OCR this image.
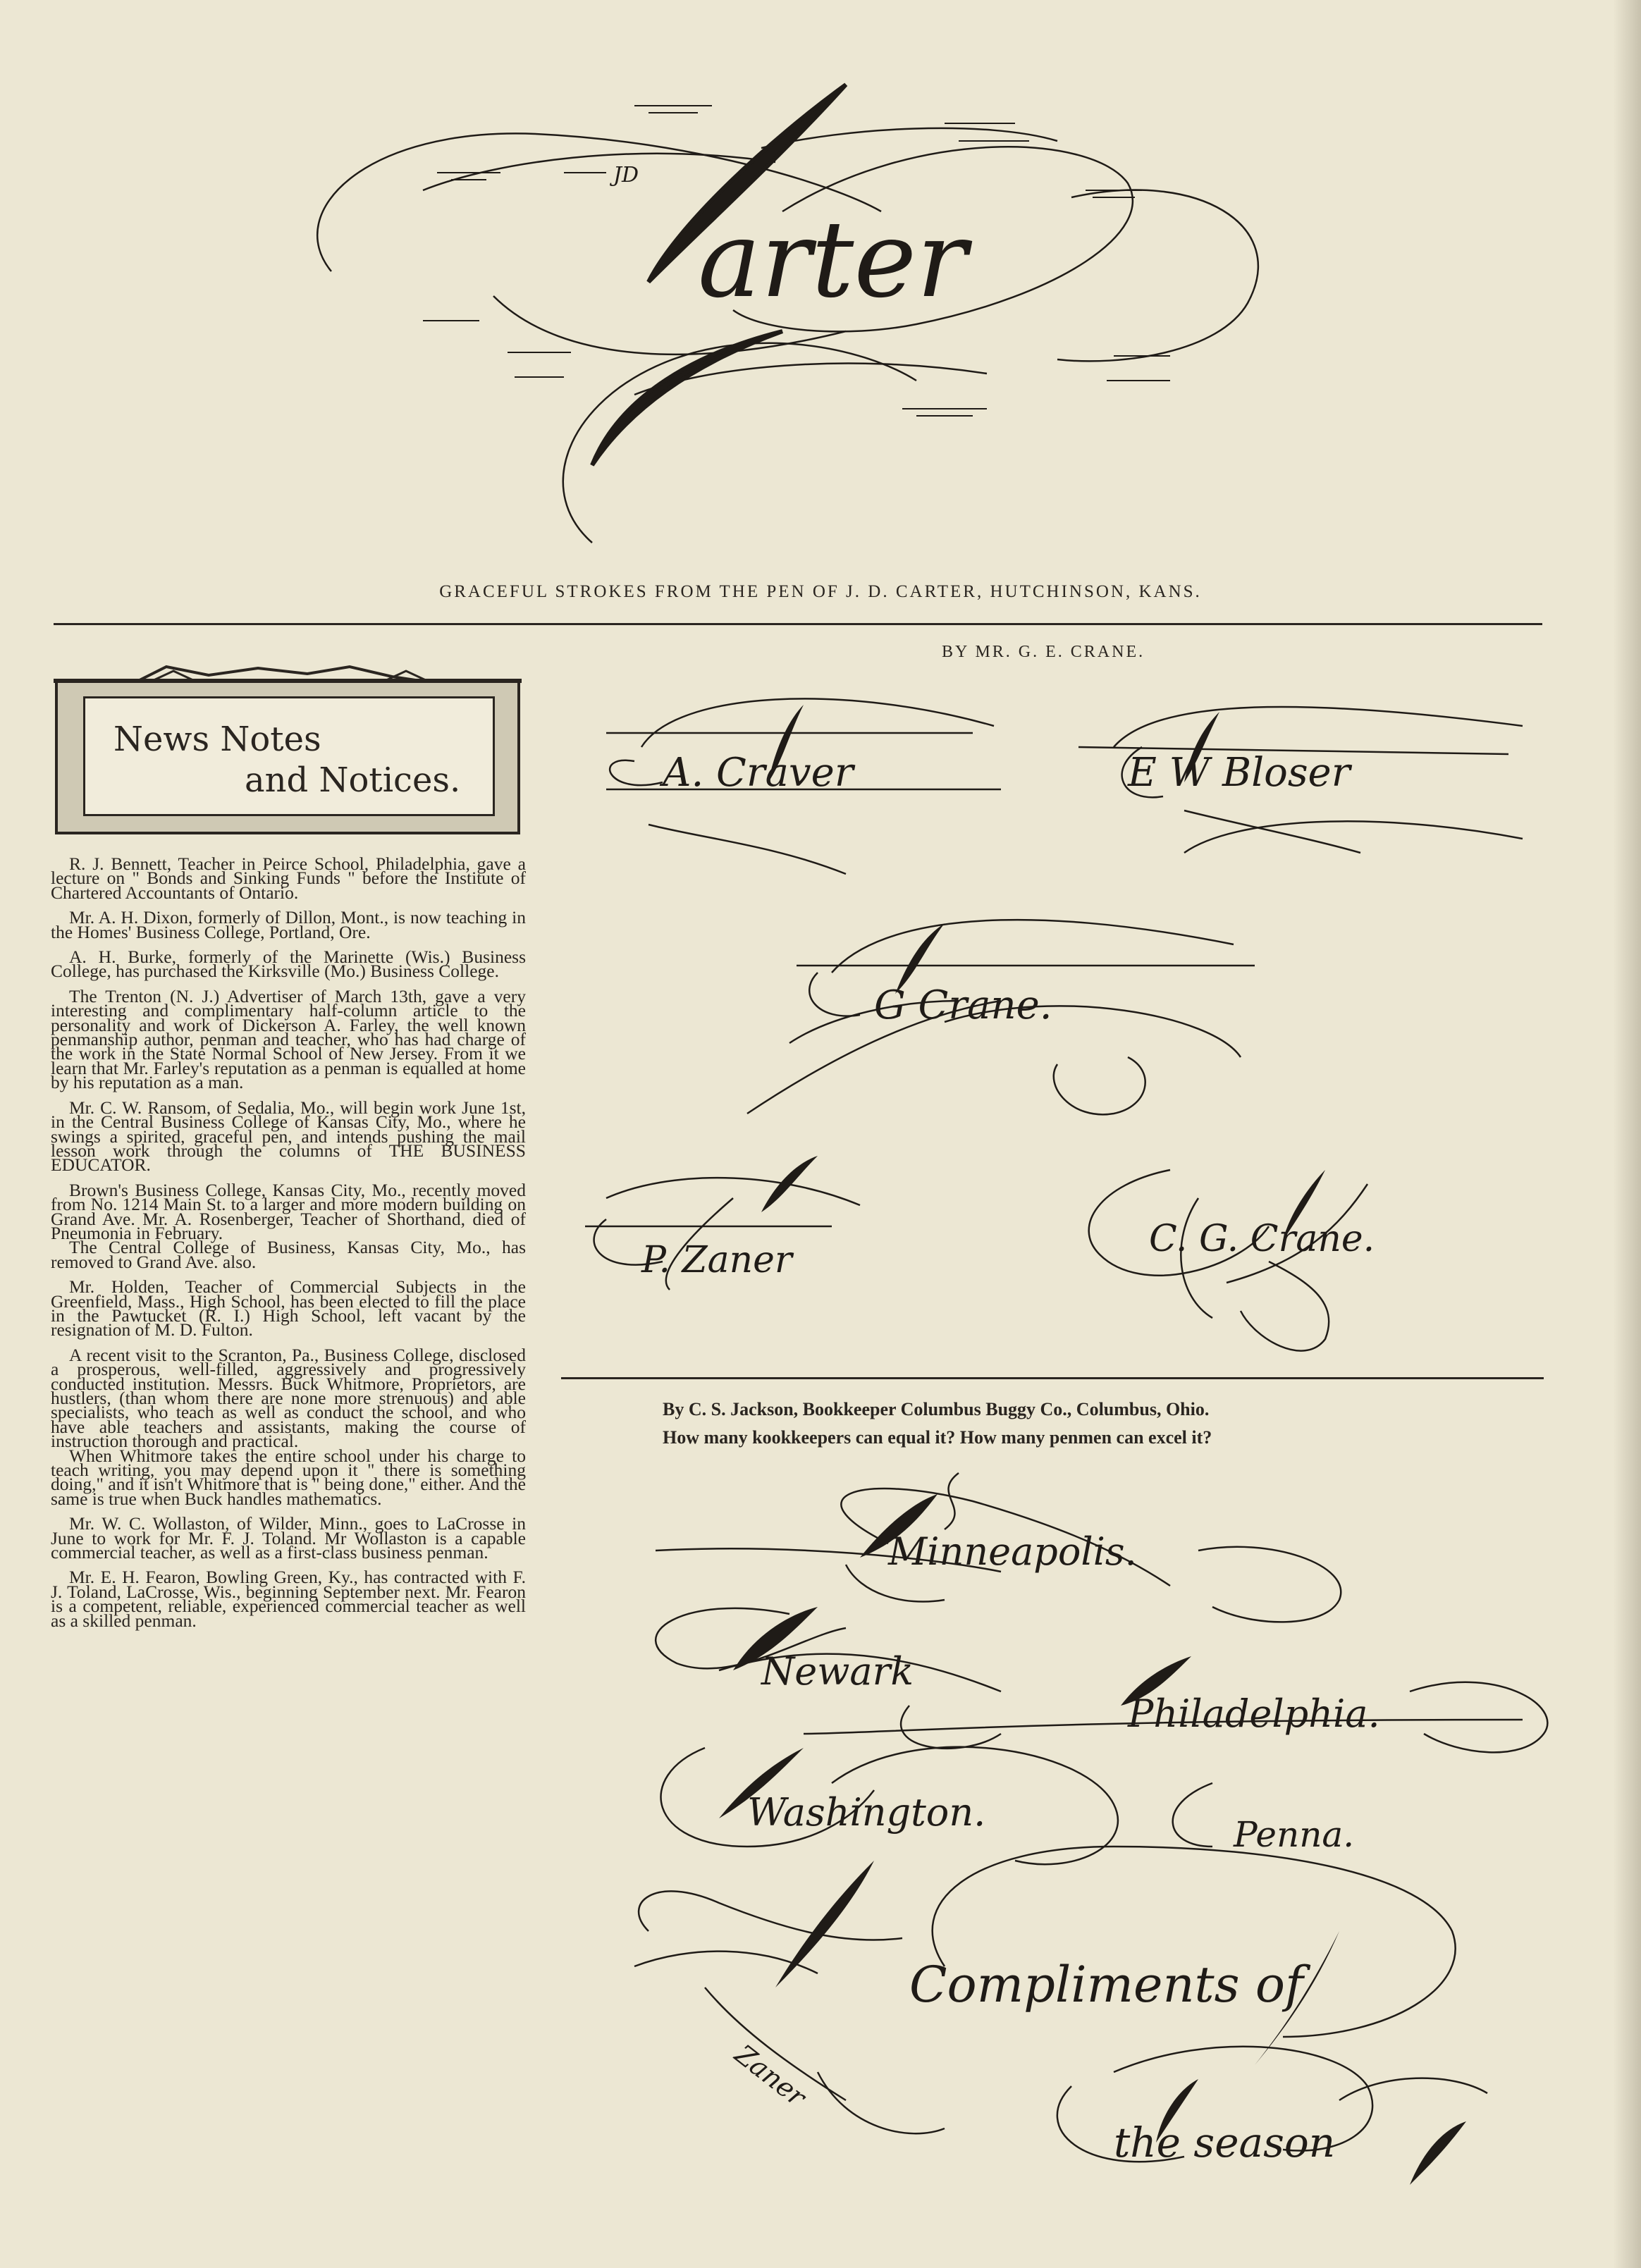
JD
arter
GRACEFUL STROKES FROM THE PEN OF J. D. CARTER, HUTCHINSON, KANS.
BY MR. G. E. CRANE.
News Notes
and Notices.

R. J. Bennett, Teacher in Peirce School, Philadelphia, gave a lecture on " Bonds and Sinking Funds " before the Institute of Chartered Accountants of Ontario.

Mr. A. H. Dixon, formerly of Dillon, Mont., is now teaching in the Homes' Business College, Portland, Ore.

A. H. Burke, formerly of the Marinette (Wis.) Business College, has purchased the Kirksville (Mo.) Business College.

The Trenton (N. J.) Advertiser of March 13th, gave a very interesting and complimentary half-column article to the personality and work of Dickerson A. Farley, the well known penmanship author, penman and teacher, who has had charge of the work in the State Normal School of New Jersey. From it we learn that Mr. Farley's reputation as a penman is equalled at home by his reputation as a man.

Mr. C. W. Ransom, of Sedalia, Mo., will begin work June 1st, in the Central Business College of Kansas City, Mo., where he swings a spirited, graceful pen, and intends pushing the mail lesson work through the columns of THE BUSINESS EDUCATOR.

Brown's Business College, Kansas City, Mo., recently moved from No. 1214 Main St. to a larger and more modern building on Grand Ave. Mr. A. Rosenberger, Teacher of Shorthand, died of Pneumonia in February.

The Central College of Business, Kansas City, Mo., has removed to Grand Ave. also.

Mr. Holden, Teacher of Commercial Subjects in the Greenfield, Mass., High School, has been elected to fill the place in the Pawtucket (R. I.) High School, left vacant by the resignation of M. D. Fulton.

A recent visit to the Scranton, Pa., Business College, disclosed a prosperous, well-filled, aggressively and progressively conducted institution. Messrs. Buck Whitmore, Proprietors, are hustlers, (than whom there are none more strenuous) and able specialists, who teach as well as conduct the school, and who have able teachers and assistants, making the course of instruction thorough and practical.

When Whitmore takes the entire school under his charge to teach writing, you may depend upon it " there is something doing," and it isn't Whitmore that is " being done," either. And the same is true when Buck handles mathematics.

Mr. W. C. Wollaston, of Wilder, Minn., goes to LaCrosse in June to work for Mr. F. J. Toland. Mr Wollaston is a capable commercial teacher, as well as a first-class business penman.

Mr. E. H. Fearon, Bowling Green, Ky., has contracted with F. J. Toland, LaCrosse, Wis., beginning September next. Mr. Fearon is a competent, reliable, experienced commercial teacher as well as a skilled penman.

A. Craver	E W Bloser
G Crane.
P. Zaner	C. G. Crane.
By C. S. Jackson, Bookkeeper Columbus Buggy Co., Columbus, Ohio.
How many kookkeepers can equal it? How many penmen can excel it?
Minneapolis.
Newark
Philadelphia.
Washington.	Penna.
Compliments of
the season
Zaner
